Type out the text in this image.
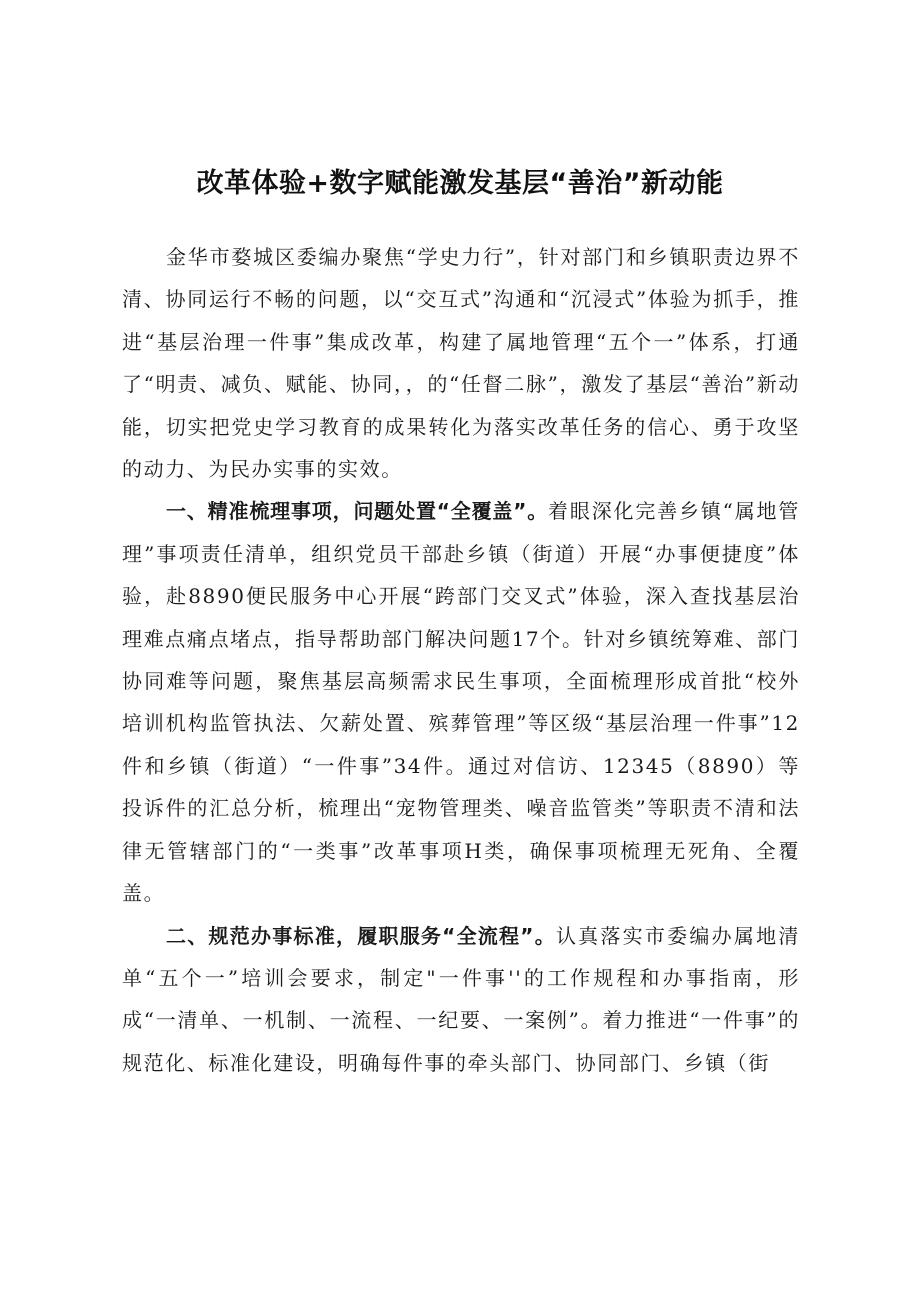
改革体验+数字赋能激发基层“善治”新动能

金华市婺城区委编办聚焦“学史力行”，针对部门和乡镇职责边界不清、协同运行不畅的问题，以“交互式”沟通和“沉浸式”体验为抓手，推进“基层治理一件事”集成改革，构建了属地管理“五个一”体系，打通了“明责、减负、赋能、协同，，的“任督二脉”，激发了基层“善治”新动能，切实把党史学习教育的成果转化为落实改革任务的信心、勇于攻坚的动力、为民办实事的实效。

一、精准梳理事项，问题处置“全覆盖”。着眼深化完善乡镇“属地管理”事项责任清单，组织党员干部赴乡镇（街道）开展“办事便捷度”体验，赴8890便民服务中心开展“跨部门交叉式”体验，深入查找基层治理难点痛点堵点，指导帮助部门解决问题17个。针对乡镇统筹难、部门协同难等问题，聚焦基层高频需求民生事项，全面梳理形成首批“校外培训机构监管执法、欠薪处置、殡葬管理”等区级“基层治理一件事”12件和乡镇（街道）“一件事”34件。通过对信访、12345（8890）等投诉件的汇总分析，梳理出“宠物管理类、噪音监管类”等职责不清和法律无管辖部门的“一类事”改革事项H类，确保事项梳理无死角、全覆盖。

二、规范办事标准，履职服务“全流程”。认真落实市委编办属地清单“五个一”培训会要求，制定"一件事''的工作规程和办事指南，形成“一清单、一机制、一流程、一纪要、一案例”。着力推进“一件事”的规范化、标准化建设，明确每件事的牵头部门、协同部门、乡镇（街
